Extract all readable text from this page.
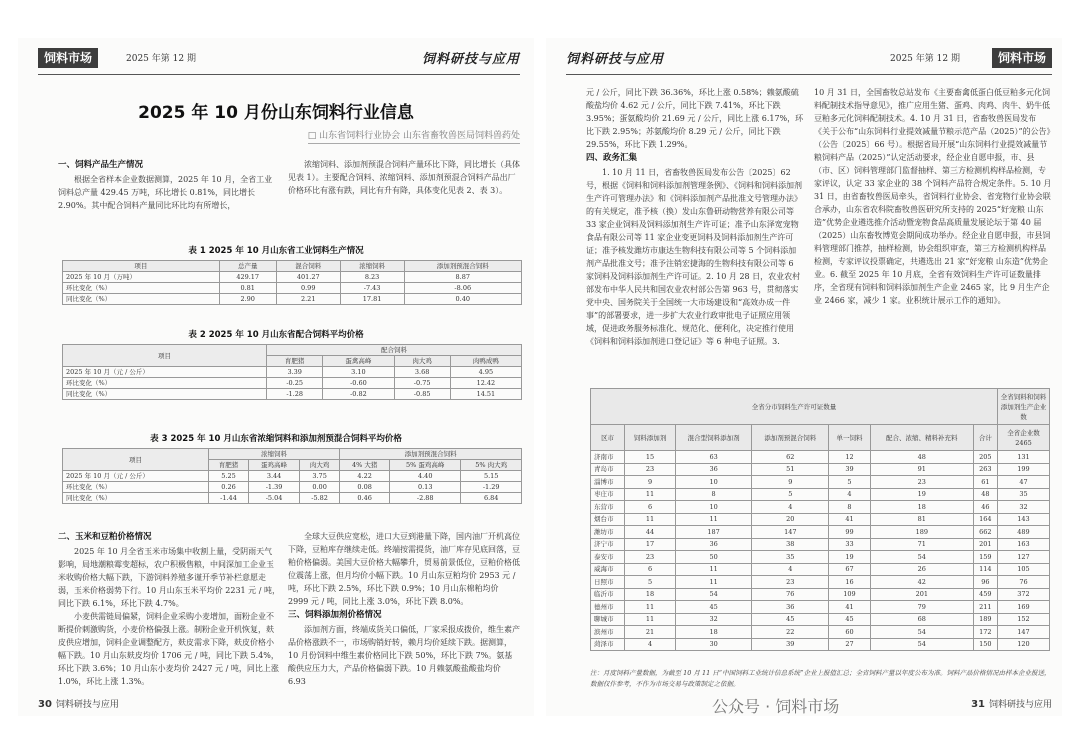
饲料市场	2025 年第 12 期	饲料研技与应用
2025 年 10 月份山东饲料行业信息
□ 山东省饲料行业协会 山东省畜牧兽医局饲料兽药处
一、饲料产品生产情况

根据全省样本企业数据测算，2025 年 10 月，全省工业饲料总产量 429.45 万吨，环比增长 0.81%，同比增长 2.90%。其中配合饲料产量同比环比均有所增长，

浓缩饲料、添加剂预混合饲料产量环比下降，同比增长（具体见表 1）。主要配合饲料、浓缩饲料、添加剂预混合饲料产品出厂价格环比有涨有跌，同比有升有降，具体变化见表 2、表 3）。

表 1 2025 年 10 月山东省工业饲料生产情况
项目	总产量	混合饲料	浓缩饲料	添加剂预混合饲料
2025 年 10 月（万吨）	429.17	401.27	8.23	8.87
环比变化（%）	0.81	0.99	-7.43	-8.06
同比变化（%）	2.90	2.21	17.81	0.40
表 2 2025 年 10 月山东省配合饲料平均价格
项目	配合饲料			
	育肥猪	蛋禽高峰	肉大鸡	肉鸭成鸭
2025 年 10 月（元 / 公斤）	3.39	3.10	3.68	4.95
环比变化（%）	-0.25	-0.60	-0.75	12.42
同比变化（%）	-1.28	-0.82	-0.85	14.51
表 3 2025 年 10 月山东省浓缩饲料和添加剂预混合饲料平均价格
项目	浓缩饲料			添加剂预混合饲料		
	育肥猪	蛋鸡高峰	肉大鸡	4% 大猪	5% 蛋鸡高峰	5% 肉大鸡
2025 年 10 月（元 / 公斤）	5.25	3.44	3.75	4.22	4.40	5.15
环比变化（%）	0.26	-1.39	0.00	0.08	0.13	-1.29
同比变化（%）	-1.44	-5.04	-5.82	0.46	-2.88	6.84
二、玉米和豆粕价格情况

2025 年 10 月全省玉米市场集中收割上量，受阴雨天气影响，局地潮粮霉变超标，农户积极售粮，中间深加工企业玉米收购价格大幅下跌，下游饲料养殖多谨开季节补栏意愿走弱，玉米价格弱势下行。10 月山东玉米平均价 2231 元 / 吨，同比下跌 6.1%，环比下跌 4.7%。

小麦供需链局偏紧，饲料企业采购小麦增加，面粉企业不断提价刺激购货，小麦价格偏强上涨。制粉企业开机恢复，麸皮供应增加，饲料企业调整配方，麸皮需求下降，麸皮价格小幅下跌。10 月山东麸皮均价 1706 元 / 吨，同比下跌 5.4%，环比下跌 3.6%；10 月山东小麦均价 2427 元 / 吨，同比上涨 1.0%，环比上涨 1.3%。

全球大豆供应宽松，进口大豆到港量下降，国内油厂开机高位下降，豆粕库存继续走低。终端按需提货，油厂库存见底回落，豆粕价格偏弱。美国大豆价格大幅攀升，贸易前景低位，豆粕价格低位震荡上涨，但月均价小幅下跌。10 月山东豆粕均价 2953 元 / 吨，环比下跌 2.5%，环比下跌 0.9%；10 月山东棉粕均价 2999 元 / 吨，同比上涨 3.0%，环比下跌 8.0%。

三、饲料添加剂价格情况

添加剂方面，终端成货关口偏低，厂家采报成拨价，维生素产品价格涨跌不一，市场购销好转，赖月均价延续下跌。据测算，10 月份饲料中维生素价格同比下跌 50%，环比下跌 7%。氨基酸供应压力大，产品价格偏弱下跌。10 月赖氨酸盐酸盐均价 6.93

30 饲料研技与应用
饲料研技与应用	2025 年第 12 期	饲料市场

元 / 公斤，同比下跌 36.36%，环比上涨 0.58%；赖氨酸硫酸盐均价 4.62 元 / 公斤，同比下跌 7.41%，环比下跌 3.95%；蛋氨酸均价 21.69 元 / 公斤，同比上涨 6.17%，环比下跌 2.95%；苏氨酸均价 8.29 元 / 公斤，同比下跌 29.55%，环比下跌 1.29%。

四、政务汇集

1. 10 月 11 日，省畜牧兽医局发布公告〔2025〕62 号，根据《饲料和饲料添加剂管理条例》、《饲料和饲料添加剂生产许可管理办法》和《饲料添加剂产品批准文号管理办法》的有关规定，准予核（换）发山东鲁研动物营养有限公司等 33 家企业饲料及饲料添加剂生产许可证；准予山东泽宽宠物食品有限公司等 11 家企业变更饲料及饲料添加剂生产许可证；准予核发潍坊市康达生物科技有限公司等 5 个饲料添加剂产品批准文号；准予注销宏捷海的生物科技有限公司等 6 家饲料及饲料添加剂生产许可证。2. 10 月 28 日，农业农村部发布中华人民共和国农业农村部公告第 963 号，贯彻落实党中央、国务院关于全国统一大市场建设和“高效办成一件事”的部署要求，进一步扩大农业行政审批电子证照应用领域，促进政务服务标准化、规范化、便利化，决定推行使用《饲料和饲料添加剂进口登记证》等 6 种电子证照。3.

10 月 31 日，全国畜牧总站发布《主要畜禽低蛋白低豆粕多元化饲料配制技术指导意见》，推广应用生猪、蛋鸡、肉鸡、肉牛、奶牛低豆粕多元化饲料配制技术。4. 10 月 31 日，省畜牧兽医局发布《关于公布“山东饲料行业提效减量节粮示范产品（2025）”的公告》（公告〔2025〕66 号）。根据省局开展“山东饲料行业提效减量节粮饲料产品（2025）”认定活动要求，经企业自愿申报，市、县（市、区）饲料管理部门监督抽样、第三方检测机构样品检测，专家评议，认定 33 家企业的 38 个饲料产品符合规定条件。5. 10 月 31 日，由省畜牧兽医局牵头，省饲料行业协会、省宠物行业协会联合承办，山东省农科院畜牧兽医研究所支持的 2025“好宠粮 山东造”优势企业遴选推介活动暨宠物食品高质量发展论坛于第 40 届（2025）山东畜牧博览会期间成功举办。经企业自愿申报，市县饲料管理部门推荐，抽样检测，协会组织审查，第三方检测机构样品检测，专家评议投票确定，共遴选出 21 家“好宠粮 山东造”优势企业。6. 截至 2025 年 10 月底，全省有效饲料生产许可证数量排序，全省现有饲料和饲料添加剂生产企业 2465 家，比 9 月生产企业 2466 家，减少 1 家。业积统计展示工作的通知》。

全省分市饲料生产许可证数量							全省饲料和饲料添加剂生产企业数
区市	饲料添加剂	混合型饲料添加剂	添加剂预混合饲料	单一饲料	配合、浓缩、精料补充料	合计	全省企业数
2465

济南市	15	63	62	12	48	205	131
青岛市	23	36	51	39	91	263	199
淄博市	9	10	9	5	23	61	47
枣庄市	11	8	5	4	19	48	35
东营市	6	10	4	8	18	46	32
烟台市	11	11	20	41	81	164	143
潍坊市	44	187	147	99	189	662	489
济宁市	17	36	38	33	71	201	163
泰安市	23	50	35	19	54	159	127
威海市	6	11	4	67	26	114	105
日照市	5	11	23	16	42	96	76
临沂市	18	54	76	109	201	459	372
德州市	11	45	36	41	79	211	169
聊城市	11	32	45	45	68	189	152
滨州市	21	18	22	60	54	172	147
菏泽市	4	30	39	27	54	150	120
注：月度饲料产量数据，为截至 10 月 11 日“中国饲料工业统计信息系统”企业上报值汇总；全省饲料产量以年度公布为准。饲料产品价格情况由样本企业报送，数据仅作参考，不作为市场交易与政策制定之依据。
31 饲料研技与应用
公众号 · 饲料市场
